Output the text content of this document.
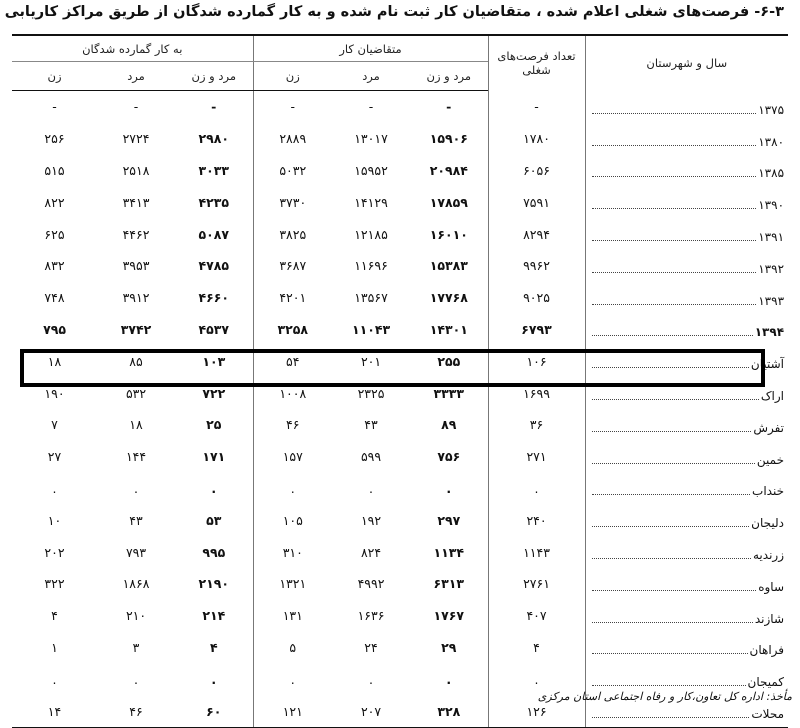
۶-۳- فرصت‌های شغلی اعلام شده ، متقاضیان کار ثبت نام شده و به کار گمارده شدگان از طریق مراکز کاریابی
سال و شهرستان	تعداد فرصت‌های شغلی	متقاضیان کار			به کار گمارده شدگان		
		مرد و زن	مرد	زن	مرد و زن	مرد	زن

۱۳۷۵	-	-	-	-	-	-	-

۱۳۸۰	۱۷۸۰	۱۵۹۰۶	۱۳۰۱۷	۲۸۸۹	۲۹۸۰	۲۷۲۴	۲۵۶

۱۳۸۵	۶۰۵۶	۲۰۹۸۴	۱۵۹۵۲	۵۰۳۲	۳۰۳۳	۲۵۱۸	۵۱۵

۱۳۹۰	۷۵۹۱	۱۷۸۵۹	۱۴۱۲۹	۳۷۳۰	۴۲۳۵	۳۴۱۳	۸۲۲

۱۳۹۱	۸۲۹۴	۱۶۰۱۰	۱۲۱۸۵	۳۸۲۵	۵۰۸۷	۴۴۶۲	۶۲۵

۱۳۹۲	۹۹۶۲	۱۵۳۸۳	۱۱۶۹۶	۳۶۸۷	۴۷۸۵	۳۹۵۳	۸۳۲

۱۳۹۳	۹۰۲۵	۱۷۷۶۸	۱۳۵۶۷	۴۲۰۱	۴۶۶۰	۳۹۱۲	۷۴۸

۱۳۹۴	۶۷۹۳	۱۴۳۰۱	۱۱۰۴۳	۳۲۵۸	۴۵۳۷	۳۷۴۲	۷۹۵

آشتیان	۱۰۶	۲۵۵	۲۰۱	۵۴	۱۰۳	۸۵	۱۸

اراک	۱۶۹۹	۳۳۳۳	۲۳۲۵	۱۰۰۸	۷۲۲	۵۳۲	۱۹۰

تفرش	۳۶	۸۹	۴۳	۴۶	۲۵	۱۸	۷

خمین	۲۷۱	۷۵۶	۵۹۹	۱۵۷	۱۷۱	۱۴۴	۲۷

خنداب	.	.	.	.	.	.	.

دلیجان	۲۴۰	۲۹۷	۱۹۲	۱۰۵	۵۳	۴۳	۱۰

زرندیه	۱۱۴۳	۱۱۳۴	۸۲۴	۳۱۰	۹۹۵	۷۹۳	۲۰۲

ساوه	۲۷۶۱	۶۳۱۳	۴۹۹۲	۱۳۲۱	۲۱۹۰	۱۸۶۸	۳۲۲

شازند	۴۰۷	۱۷۶۷	۱۶۳۶	۱۳۱	۲۱۴	۲۱۰	۴

فراهان	۴	۲۹	۲۴	۵	۴	۳	۱

کمیجان	.	.	.	.	.	.	.

محلات	۱۲۶	۳۲۸	۲۰۷	۱۲۱	۶۰	۴۶	۱۴
مأخذ: اداره کل تعاون،کار و رفاه اجتماعی استان مرکزی
